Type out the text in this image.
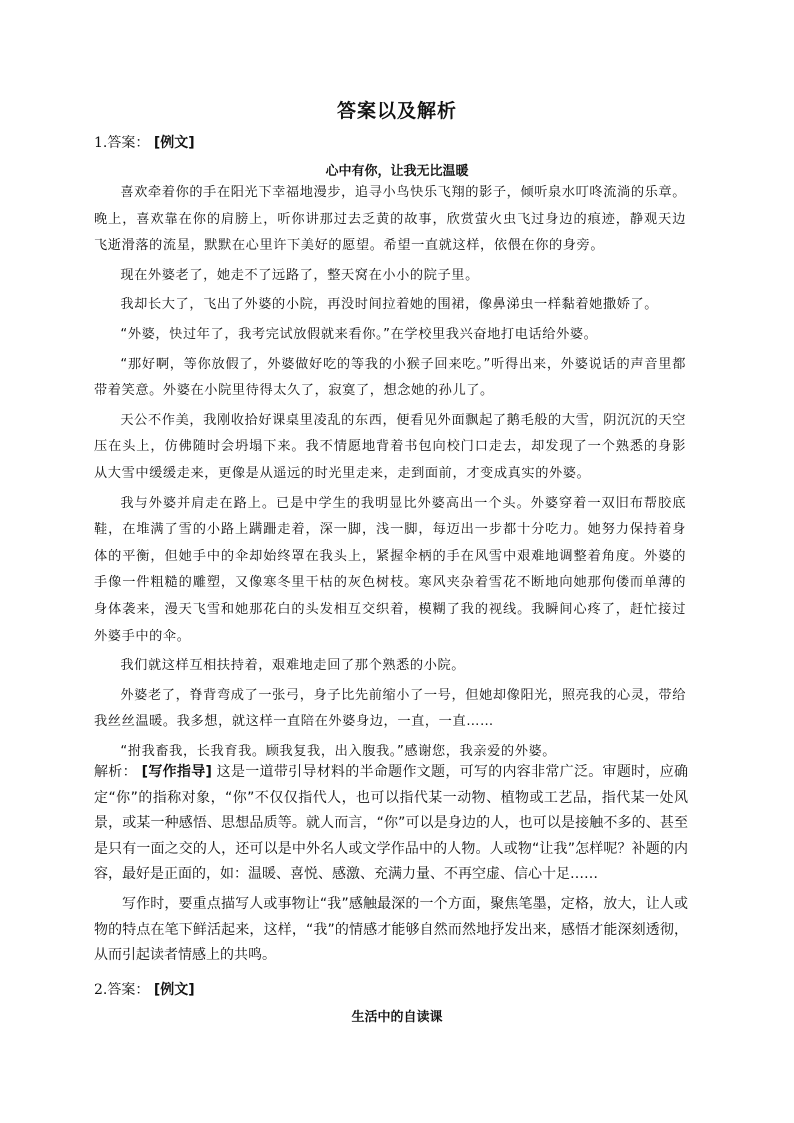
答案以及解析
1.答案： [例文]
心中有你，让我无比温暖

喜欢牵着你的手在阳光下幸福地漫步，追寻小鸟快乐飞翔的影子，倾听泉水叮咚流淌的乐章。晚上，喜欢靠在你的肩膀上，听你讲那过去乏黄的故事，欣赏萤火虫飞过身边的痕迹，静观天边飞逝滑落的流星，默默在心里许下美好的愿望。希望一直就这样，依偎在你的身旁。

现在外婆老了，她走不了远路了，整天窝在小小的院子里。

我却长大了，飞出了外婆的小院，再没时间拉着她的围裙，像鼻涕虫一样黏着她撒娇了。

“外婆，快过年了，我考完试放假就来看你。”在学校里我兴奋地打电话给外婆。

“那好啊，等你放假了，外婆做好吃的等我的小猴子回来吃。”听得出来，外婆说话的声音里都带着笑意。外婆在小院里待得太久了，寂寞了，想念她的孙儿了。

天公不作美，我刚收拾好课桌里凌乱的东西，便看见外面飘起了鹅毛般的大雪，阴沉沉的天空压在头上，仿佛随时会坍塌下来。我不情愿地背着书包向校门口走去，却发现了一个熟悉的身影从大雪中缓缓走来，更像是从遥远的时光里走来，走到面前，才变成真实的外婆。

我与外婆并肩走在路上。已是中学生的我明显比外婆高出一个头。外婆穿着一双旧布帮胶底鞋，在堆满了雪的小路上蹒跚走着，深一脚，浅一脚，每迈出一步都十分吃力。她努力保持着身体的平衡，但她手中的伞却始终罩在我头上，紧握伞柄的手在风雪中艰难地调整着角度。外婆的手像一件粗糙的雕塑，又像寒冬里干枯的灰色树枝。寒风夹杂着雪花不断地向她那佝偻而单薄的身体袭来，漫天飞雪和她那花白的头发相互交织着，模糊了我的视线。我瞬间心疼了，赶忙接过外婆手中的伞。

我们就这样互相扶持着，艰难地走回了那个熟悉的小院。

外婆老了，脊背弯成了一张弓，身子比先前缩小了一号，但她却像阳光，照亮我的心灵，带给我丝丝温暖。我多想，就这样一直陪在外婆身边，一直，一直……

“拊我畜我，长我育我。顾我复我，出入腹我。”感谢您，我亲爱的外婆。

解析： [写作指导] 这是一道带引导材料的半命题作文题，可写的内容非常广泛。审题时，应确定“你”的指称对象，“你”不仅仅指代人，也可以指代某一动物、植物或工艺品，指代某一处风景，或某一种感悟、思想品质等。就人而言，“你”可以是身边的人，也可以是接触不多的、甚至是只有一面之交的人，还可以是中外名人或文学作品中的人物。人或物“让我”怎样呢？补题的内容，最好是正面的，如：温暖、喜悦、感激、充满力量、不再空虚、信心十足……

写作时，要重点描写人或事物让“我”感触最深的一个方面，聚焦笔墨，定格，放大，让人或物的特点在笔下鲜活起来，这样，“我”的情感才能够自然而然地抒发出来，感悟才能深刻透彻，从而引起读者情感上的共鸣。

2.答案： [例文]
生活中的自读课
